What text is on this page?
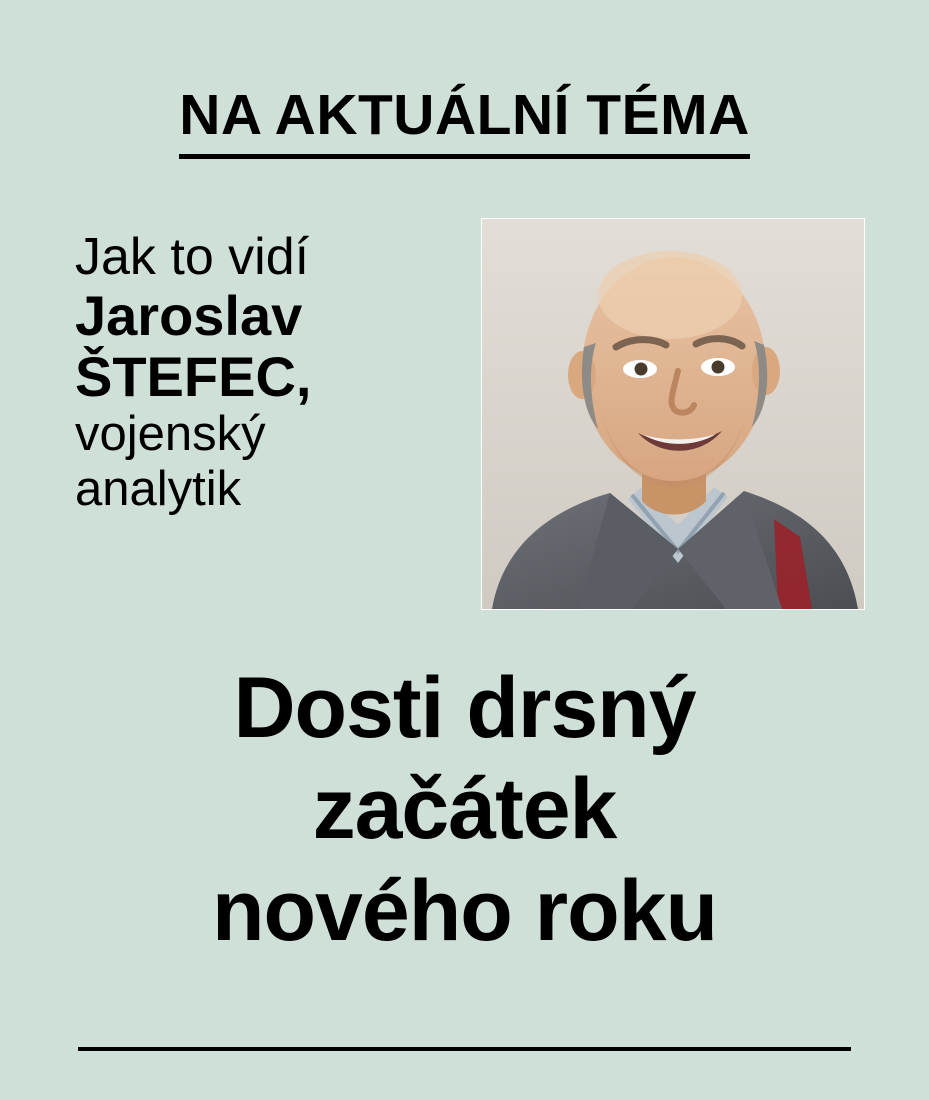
NA AKTUÁLNÍ TÉMA
Jak to vidí
Jaroslav
ŠTEFEC,
vojenský
analytik
Dosti drsný
začátek
nového roku
